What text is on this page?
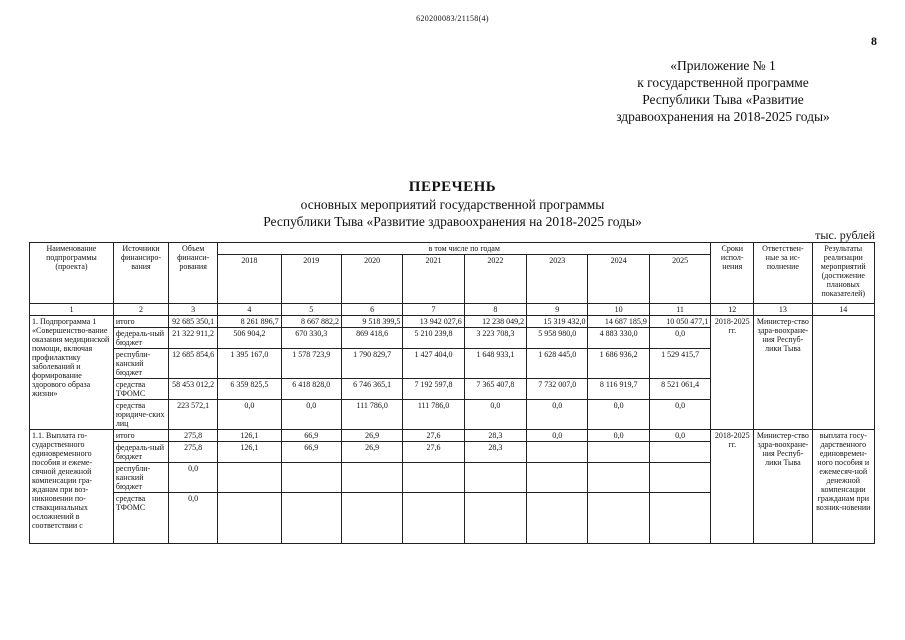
620200083/21158(4)
8
«Приложение № 1
к государственной программе
Республики Тыва «Развитие
здравоохранения на 2018-2025 годы»
ПЕРЕЧЕНЬ
основных мероприятий государственной программы
Республики Тыва «Развитие здравоохранения на 2018-2025 годы»
тыс. рублей
Наименование подпрограммы (проекта)	Источники финансиро-вания	Объем финанси-рования	в том числе по годам								Сроки испол-нения	Ответствен-ные за ис-полнение	Результаты реализации мероприятий (достижение плановых показателей)
			2018	2019	2020	2021	2022	2023	2024	2025			
1	2	3	4	5	6	7	8	9	10	11	12	13	14
1. Подпрограмма 1 «Совершенство-вание оказания медицинской помощи, включая профилактику заболеваний и формирование здорового образа жизни»	итого	92 685 350,1	8 261 896,7	8 667 882,2	9 518 399,5	13 942 027,6	12 238 049,2	15 319 432,0	14 687 185,9	10 050 477,1	2018-2025 гг.	Министер-ство здра-воохране-ния Респуб-лики Тыва	
	федераль-ный бюджет	21 322 911,2	506 904,2	670 330,3	869 418,6	5 210 239,8	3 223 708,3	5 958 980,0	4 883 330,0	0,0			
	республи-канский бюджет	12 685 854,6	1 395 167,0	1 578 723,9	1 790 829,7	1 427 404,0	1 648 933,1	1 628 445,0	1 686 936,2	1 529 415,7			
	средства ТФОМС	58 453 012,2	6 359 825,5	6 418 828,0	6 746 365,1	7 192 597,8	7 365 407,8	7 732 007,0	8 116 919,7	8 521 061,4			
	средства юридиче-ских лиц	223 572,1	0,0	0,0	111 786,0	111 786,0	0,0	0,0	0,0	0,0			
1.1. Выплата го-сударственного единовременного пособия и ежеме-сячной денежной компенсации гра-жданам при воз-никновении по-ствакцинальных осложнений в соответствии с	итого	275,8	126,1	66,9	26,9	27,6	28,3	0,0	0,0	0,0	2018-2025 гг.	Министер-ство здра-воохране-ния Респуб-лики Тыва	выплата госу-дарственного единовремен-ного пособия и ежемесяч-ной денежной компенсации гражданам при возник-новении
	федераль-ный бюджет	275,8	126,1	66,9	26,9	27,6	28,3						
	республи-канский бюджет	0,0											
	средства ТФОМС	0,0											
